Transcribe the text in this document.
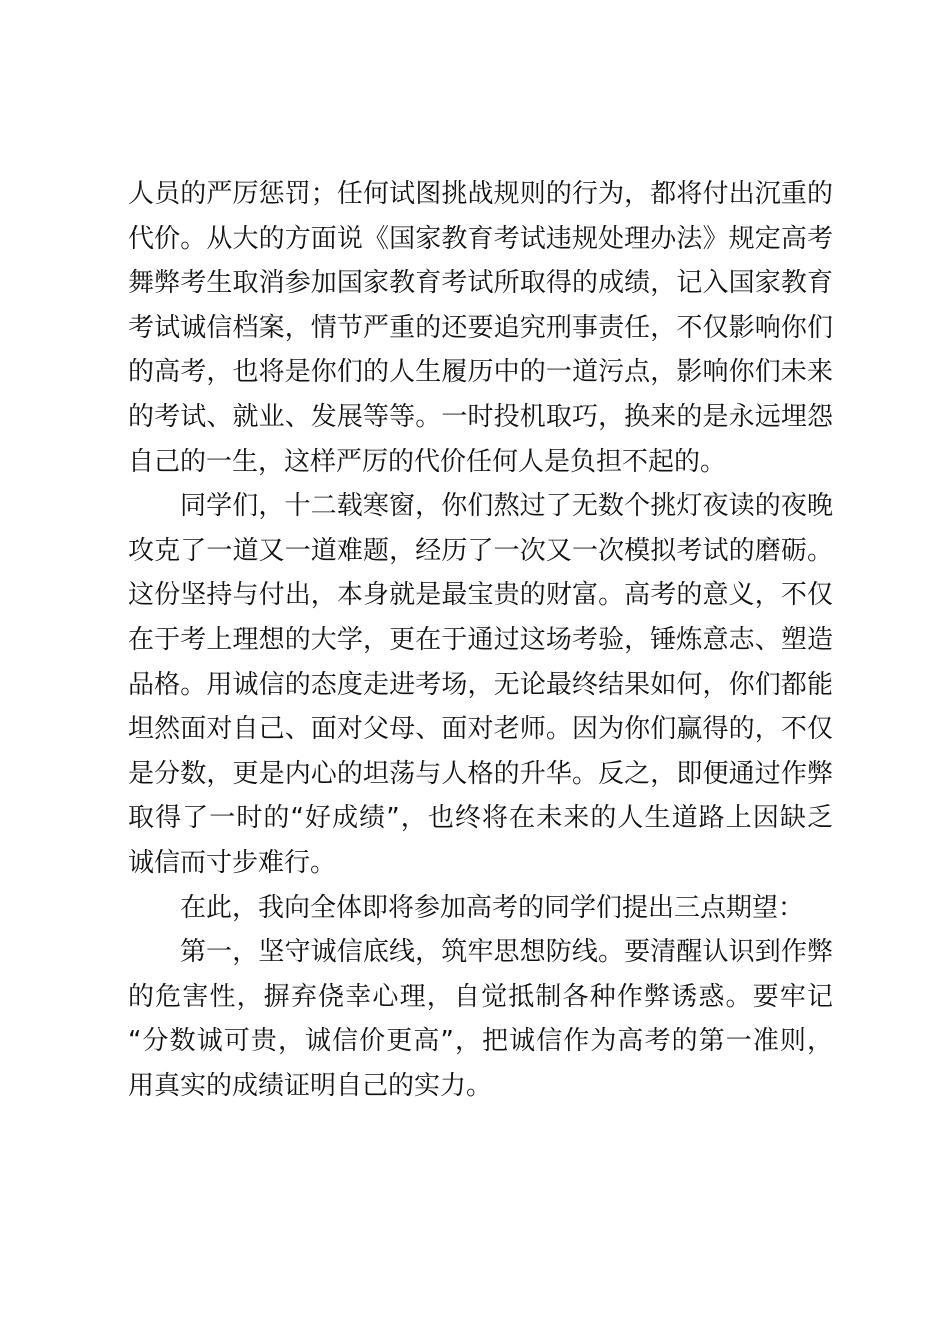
人员的严厉惩罚；任何试图挑战规则的行为，都将付出沉重的
代价。从大的方面说《国家教育考试违规处理办法》规定高考
舞弊考生取消参加国家教育考试所取得的成绩，记入国家教育
考试诚信档案，情节严重的还要追究刑事责任，不仅影响你们
的高考，也将是你们的人生履历中的一道污点，影响你们未来
的考试、就业、发展等等。一时投机取巧，换来的是永远埋怨
自己的一生，这样严厉的代价任何人是负担不起的。
同学们，十二载寒窗，你们熬过了无数个挑灯夜读的夜晚
攻克了一道又一道难题，经历了一次又一次模拟考试的磨砺。
这份坚持与付出，本身就是最宝贵的财富。高考的意义，不仅
在于考上理想的大学，更在于通过这场考验，锤炼意志、塑造
品格。用诚信的态度走进考场，无论最终结果如何，你们都能
坦然面对自己、面对父母、面对老师。因为你们赢得的，不仅
是分数，更是内心的坦荡与人格的升华。反之，即便通过作弊
取得了一时的“好成绩”，也终将在未来的人生道路上因缺乏
诚信而寸步难行。
在此，我向全体即将参加高考的同学们提出三点期望：
第一，坚守诚信底线，筑牢思想防线。要清醒认识到作弊
的危害性，摒弃侥幸心理，自觉抵制各种作弊诱惑。要牢记
“分数诚可贵，诚信价更高”，把诚信作为高考的第一准则，
用真实的成绩证明自己的实力。
